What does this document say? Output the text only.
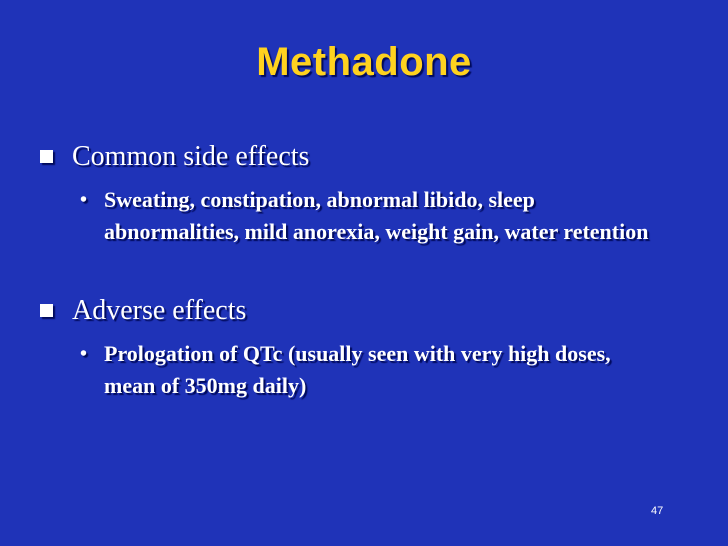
Methadone
Common side effects
• Sweating, constipation, abnormal libido, sleep abnormalities, mild anorexia, weight gain, water retention
Adverse effects
• Prologation of QTc (usually seen with very high doses, mean of 350mg daily)
47
